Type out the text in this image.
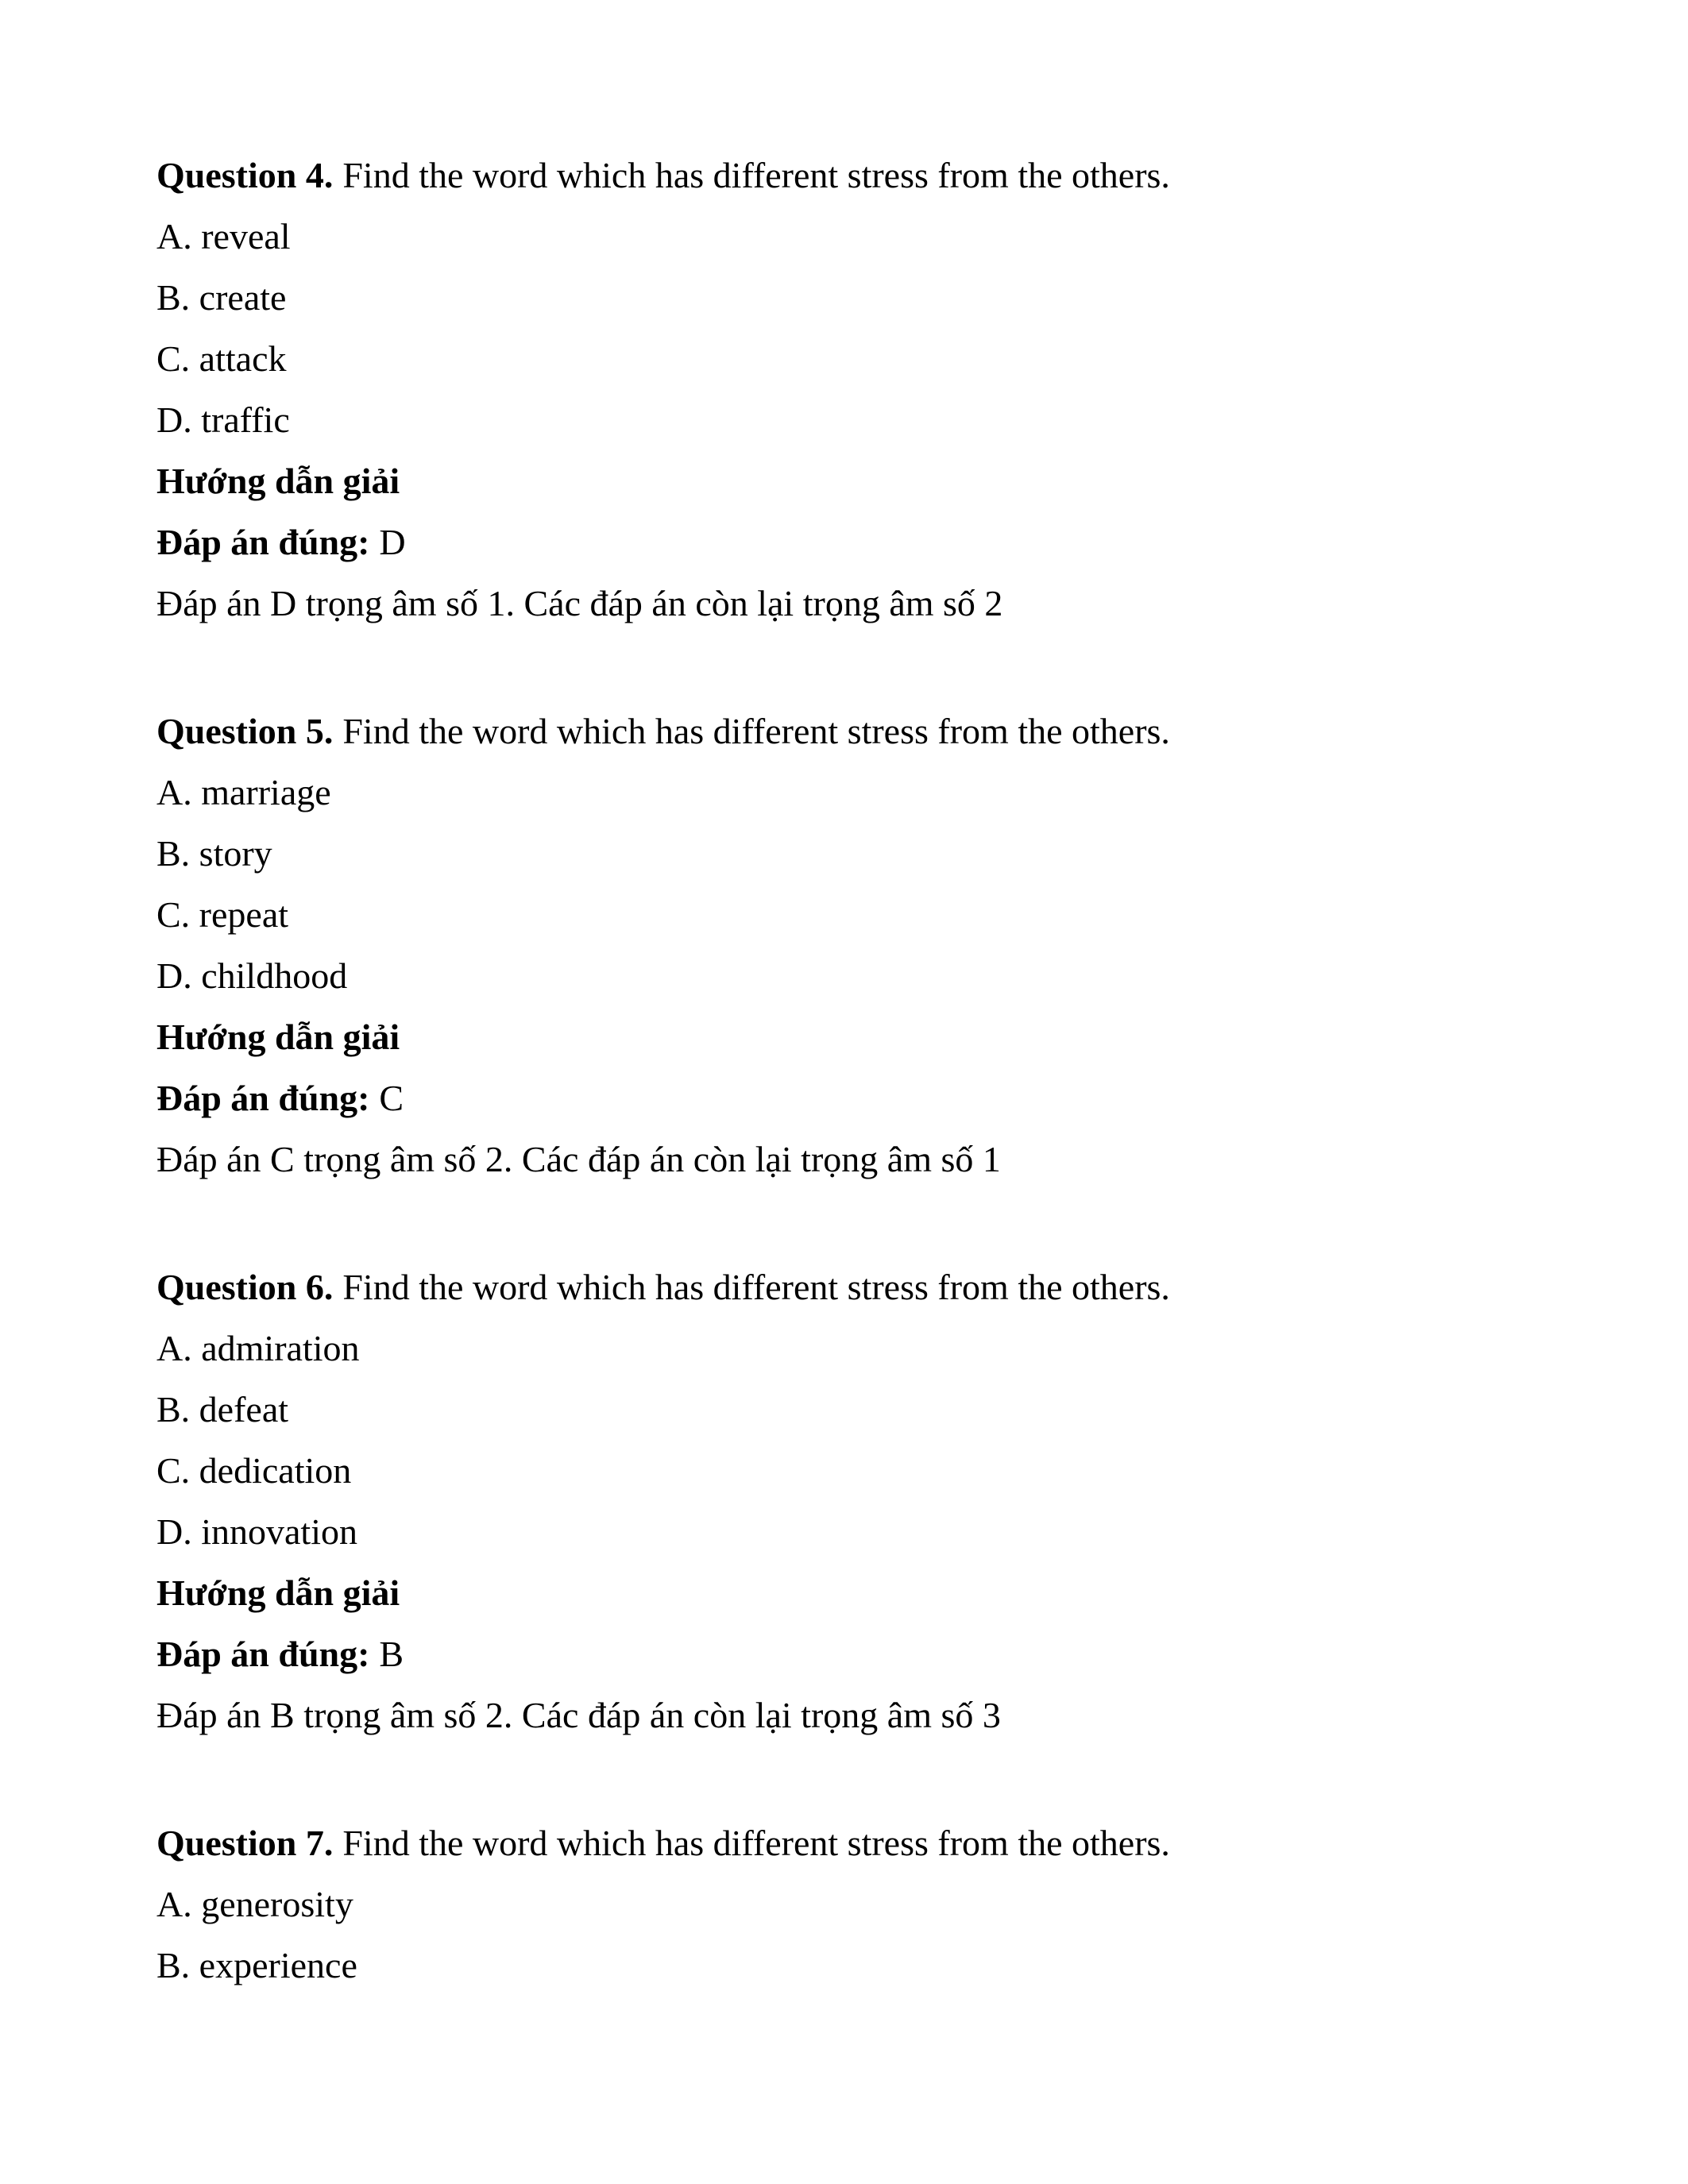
Question 4. Find the word which has different stress from the others.

A. reveal

B. create

C. attack

D. traffic

Hướng dẫn giải

Đáp án đúng: D

Đáp án D trọng âm số 1. Các đáp án còn lại trọng âm số 2

Question 5. Find the word which has different stress from the others.

A. marriage

B. story

C. repeat

D. childhood

Hướng dẫn giải

Đáp án đúng: C

Đáp án C trọng âm số 2. Các đáp án còn lại trọng âm số 1

Question 6. Find the word which has different stress from the others.

A. admiration

B. defeat

C. dedication

D. innovation

Hướng dẫn giải

Đáp án đúng: B

Đáp án B trọng âm số 2. Các đáp án còn lại trọng âm số 3

Question 7. Find the word which has different stress from the others.

A. generosity

B. experience
